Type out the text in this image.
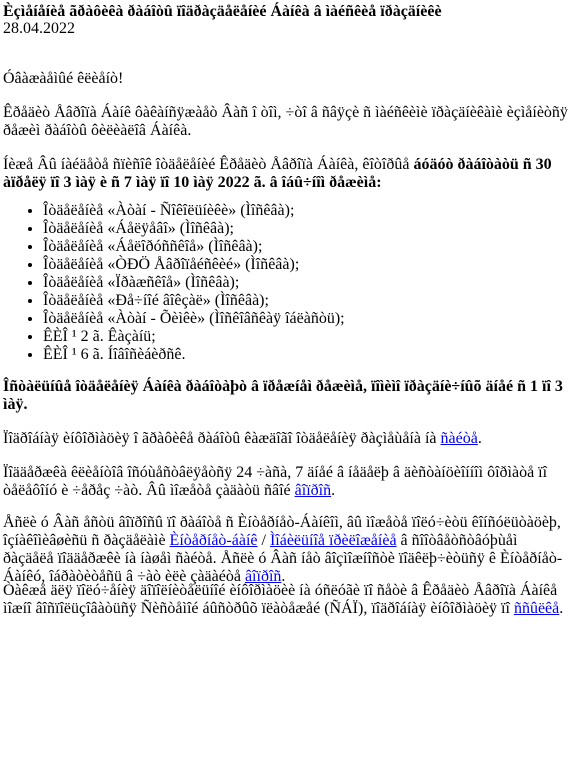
Èçìåíåíèå ãðàôèêà ðàáîòû ïîäðàçäåëåíèé Áàíêà â ìàéñêèå ïðàçäíèêè
28.04.2022

Óâàæàåìûé êëèåíò!

Êðåäèò Åâðîïà Áàíê ôàêàíñÿæàåò Âàñ î òîì, ÷òî â ñâÿçè ñ ìàéñêèìè ïðàçäíèêàìè èçìåíèòñÿ ðåæèì ðàáîòû ôèëèàëîâ Áàíêà.

Íèæå Âû íàéäåòå ñïèñîê îòäåëåíèé Êðåäèò Åâðîïà Áàíêà, êîòîðûå áóäóò ðàáîòàòü ñ 30 àïðåëÿ ïî 3 ìàÿ è ñ 7 ìàÿ ïî 10 ìàÿ 2022 ã. â îáû÷íîì ðåæèìå:

• Îòäåëåíèå «Àòàí - Ñîêîëüíèêè» (Ìîñêâà);
• Îòäåëåíèå «Áåëÿåâî» (Ìîñêâà);
• Îòäåëåíèå «Áåëîðóññêîå» (Ìîñêâà);
• Îòäåëåíèå «ÒÐÖ Åâðîïåéñêèé» (Ìîñêâà);
• Îòäåëåíèå «Ïðàæñêîå» (Ìîñêâà);
• Îòäåëåíèå «Ðå÷íîé âîêçàë» (Ìîñêâà);
• Îòäåëåíèå «Àòàí - Õèìêè» (Ìîñêîâñêàÿ îáëàñòü);
• ÊÈÎ ¹ 2 ã. Êàçàíü;
• ÊÈÎ ¹ 6 ã. Íîâîñèáèðñê.

Îñòàëüíûå îòäåëåíèÿ Áàíêà ðàáîòàþò â ïðåæíåì ðåæèìå, ïîìèìî ïðàçäíè÷íûõ äíåé ñ 1 ïî 3 ìàÿ.

Ïîäðîáíàÿ èíôîðìàöèÿ î ãðàôèêå ðàáîòû êàæäîãî îòäåëåíèÿ ðàçìåùåíà íà ñàéòå.

Ïîääåðæêà êëèåíòîâ îñóùåñòâëÿåòñÿ 24 ÷àñà, 7 äíåé â íåäåëþ â äèñòàíöèîííîì ôîðìàòå ïî òåëåôîíó è ÷åðåç ÷àò. Âû ìîæåòå çàäàòü ñâîé âîïðîñ.

Åñëè ó Âàñ åñòü âîïðîñû ïî ðàáîòå ñ Èíòåðíåò-Áàíêîì, âû ìîæåòå ïîëó÷èòü êîíñóëüòàöèþ, îçíàêîìèâøèñü ñ ðàçäåëàìè Èíòåðíåò-áàíê / Ìîáèëüíîå ïðèëîæåíèå â ñîîòâåòñòâóþùåì ðàçäåëå ïîääåðæêè íà íàøåì ñàéòå. Åñëè ó Âàñ íåò âîçìîæíîñòè ïîäêëþ÷èòüñÿ ê Èíòåðíåò-Áàíêó, îáðàòèòåñü â ÷àò èëè çàäàéòå âîïðîñ.

Òàêæå äëÿ ïîëó÷åíèÿ äîïîëíèòåëüíîé èíôîðìàöèè íà óñëóãè ïî ñåòè â Êðåäèò Åâðîïà Áàíêå ìîæíî âîñïîëüçîâàòüñÿ Ñèñòåìîé áûñòðûõ ïëàòåæåé (ÑÁÏ), ïîäðîáíàÿ èíôîðìàöèÿ ïî ññûëêå.
